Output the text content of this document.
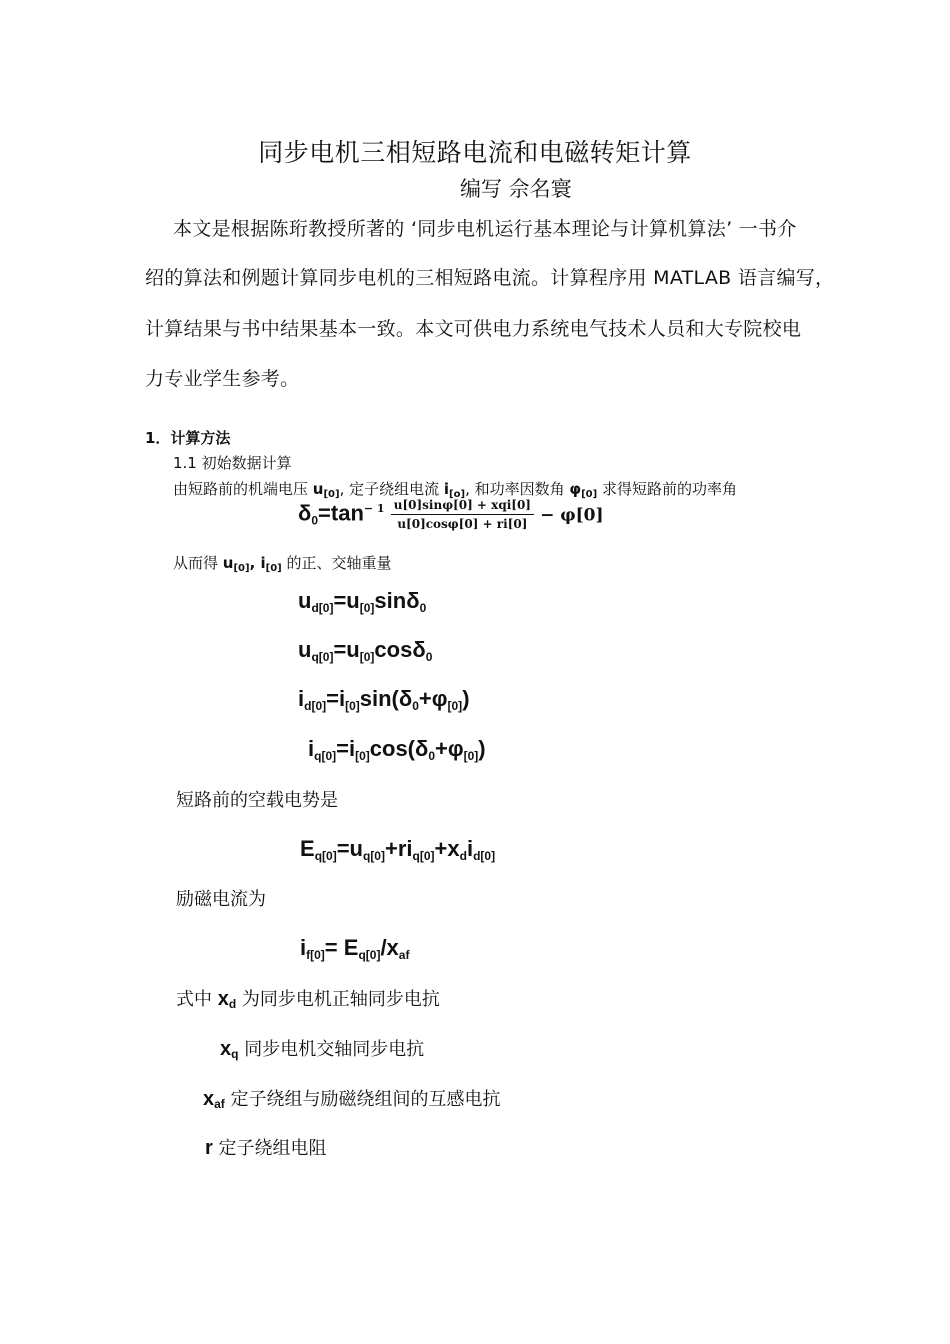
同步电机三相短路电流和电磁转矩计算
编写 佘名寰
本文是根据陈珩教授所著的 ‘同步电机运行基本理论与计算机算法’ 一书介
绍的算法和例题计算同步电机的三相短路电流。计算程序用 MATLAB 语言编写，
计算结果与书中结果基本一致。本文可供电力系统电气技术人员和大专院校电
力专业学生参考。
1．计算方法
1.1 初始数据计算
由短路前的机端电压 $u_{[0]}$, 定子绕组电流 $i_{[o]}$, 和功率因数角 $\varphi_{[0]}$ 求得短路前的功率角
$\delta_0=\tan^{- 1} \frac{\text{u[0]sinφ[0] + xqi[0]}}{u[0]\cos\varphi[0] + ri[0]} - \varphi[0]$
从而得 $u_{[0]}$, $i_{[0]}$ 的正、交轴重量
$u_{d[0]}=u_{[0]}\sin\delta_0$
$u_{q[0]}=u_{[0]}\cos\delta_0$
$i_{d[0]}=i_{[0]}\sin(\delta_0+\varphi_{[0]})$
$i_{q[0]}=i_{[0]}\cos(\delta_0+\varphi_{[0]})$
短路前的空载电势是
$E_{q[0]}=u_{q[0]}+ri_{q[0]}+x_di_{d[0]}$
励磁电流为
$i_{f[0]}= E_{q[0]}/x_{af}$
式中 $x_d$ 为同步电机正轴同步电抗
$x_q$ 同步电机交轴同步电抗
$x_{af}$ 定子绕组与励磁绕组间的互感电抗
r 定子绕组电阻
